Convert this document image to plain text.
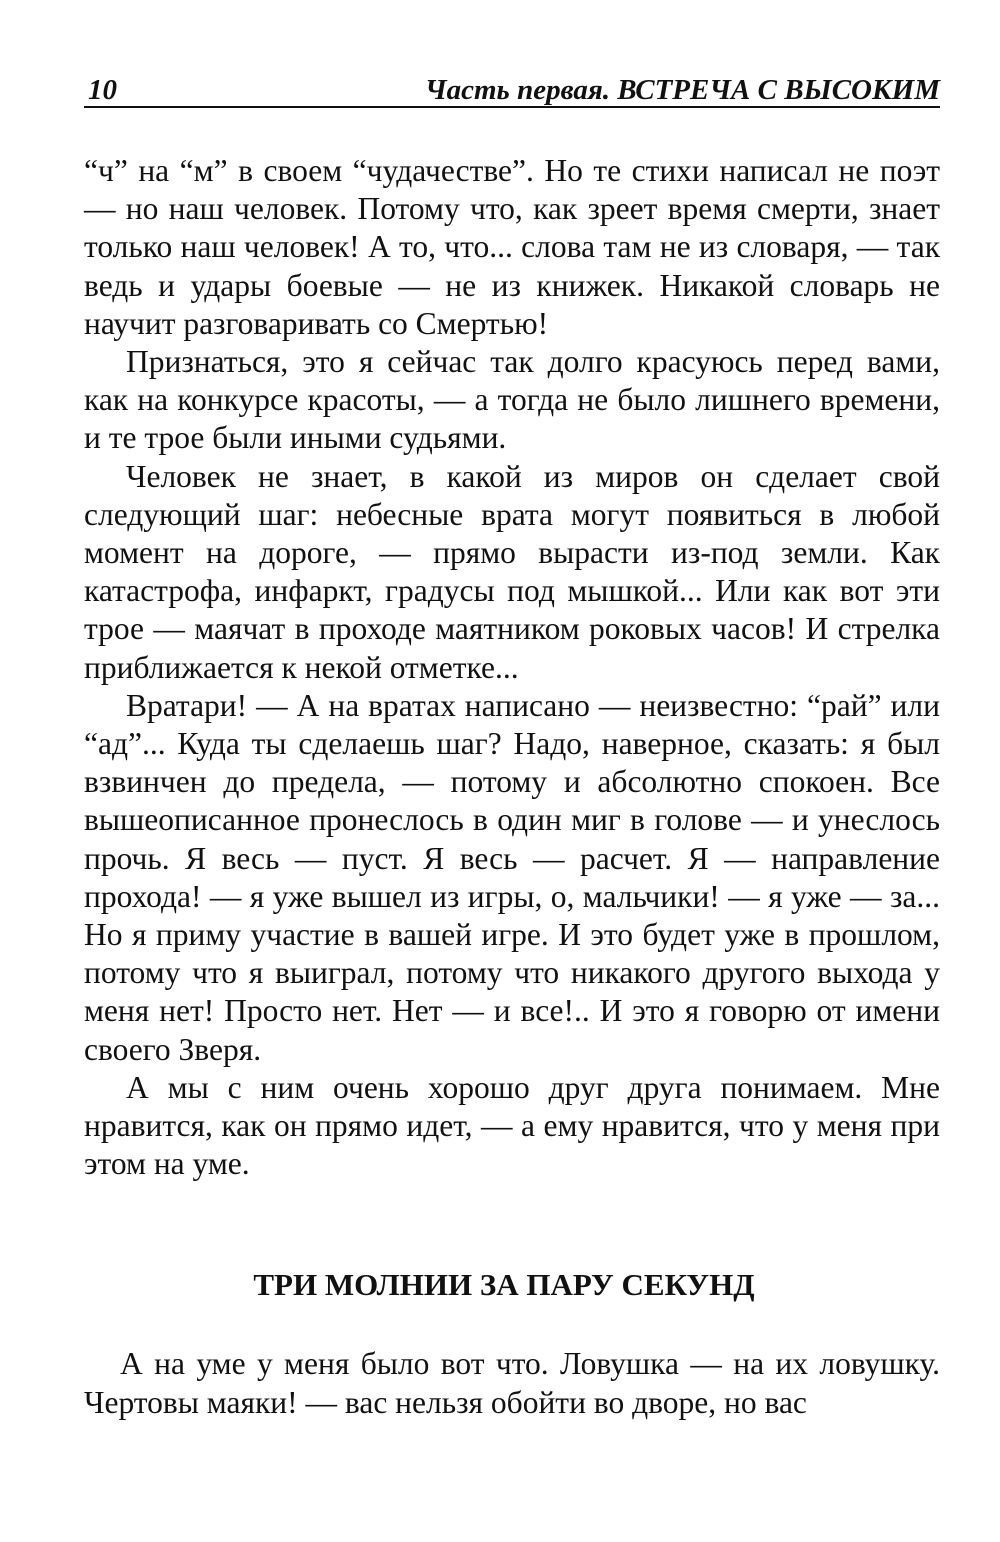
10	Часть первая. ВСТРЕЧА С ВЫСОКИМ

“ч” на “м” в своем “чудачестве”. Но те стихи написал не поэт — но наш человек. Потому что, как зреет время смерти, знает только наш человек! А то, что... слова там не из словаря, — так ведь и удары боевые — не из книжек. Никакой словарь не научит разговаривать со Смертью!

Признаться, это я сейчас так долго красуюсь перед вами, как на конкурсе красоты, — а тогда не было лишнего времени, и те трое были иными судьями.

Человек не знает, в какой из миров он сделает свой следующий шаг: небесные врата могут появиться в любой момент на дороге, — прямо вырасти из-под земли. Как катастрофа, инфаркт, градусы под мышкой... Или как вот эти трое — маячат в проходе маятником роковых часов! И стрелка приближается к некой отметке...

Вратари! — А на вратах написано — неизвестно: “рай” или “ад”... Куда ты сделаешь шаг? Надо, наверное, сказать: я был взвинчен до предела, — потому и абсолютно спокоен. Все вышеописанное пронеслось в один миг в голове — и унеслось прочь. Я весь — пуст. Я весь — расчет. Я — направление прохода! — я уже вышел из игры, о, мальчики! — я уже — за... Но я приму участие в вашей игре. И это будет уже в прошлом, потому что я выиграл, потому что никакого другого выхода у меня нет! Просто нет. Нет — и все!.. И это я говорю от имени своего Зверя.

А мы с ним очень хорошо друг друга понимаем. Мне нравится, как он прямо идет, — а ему нравится, что у меня при этом на уме.

ТРИ МОЛНИИ ЗА ПАРУ СЕКУНД

А на уме у меня было вот что. Ловушка — на их ловушку. Чертовы маяки! — вас нельзя обойти во дворе, но вас
